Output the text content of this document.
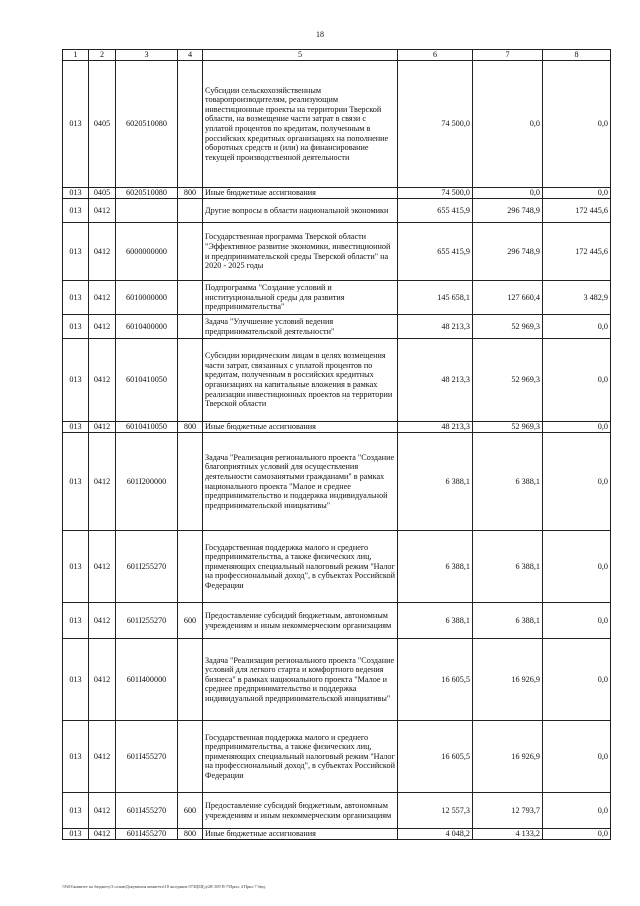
18
1	2	3	4	5	6	7	8
013	0405	6020510080		Субсидии сельскохозяйственным товаропроизводителям, реализующим инвестиционные проекты на территории Тверской области, на возмещение части затрат в связи с уплатой процентов по кредитам, полученным в российских кредитных организациях на пополнение оборотных средств и (или) на финансирование текущей производственной деятельности	74 500,0	0,0	0,0
013	0405	6020510080	800	Иные бюджетные ассигнования	74 500,0	0,0	0,0
013	0412			Другие вопросы в области национальной экономики	655 415,9	296 748,9	172 445,6
013	0412	6000000000		Государственная программа Тверской области "Эффективное развитие экономики, инвестиционной и предпринимательской среды Тверской области" на 2020 - 2025 годы	655 415,9	296 748,9	172 445,6
013	0412	6010000000		Подпрограмма "Создание условий и институциональной среды для развития предпринимательства"	145 658,1	127 660,4	3 482,9
013	0412	6010400000		Задача "Улучшение условий ведения предпринимательской деятельности"	48 213,3	52 969,3	0,0
013	0412	6010410050		Субсидии юридическим лицам в целях возмещения части затрат, связанных с уплатой процентов по кредитам, полученным в российских кредитных организациях на капитальные вложения в рамках реализации инвестиционных проектов на территории Тверской области	48 213,3	52 969,3	0,0
013	0412	6010410050	800	Иные бюджетные ассигнования	48 213,3	52 969,3	0,0
013	0412	601I200000		Задача "Реализация регионального проекта "Создание благоприятных условий для осуществления деятельности самозанятыми гражданами" в рамках национального проекта "Малое и среднее предпринимательство и поддержка индивидуальной предпринимательской инициативы"	6 388,1	6 388,1	0,0
013	0412	601I255270		Государственная поддержка малого и среднего предпринимательства, а также физических лиц, применяющих специальный налоговый режим "Налог на профессиональный доход", в субъектах Российской Федерации	6 388,1	6 388,1	0,0
013	0412	601I255270	600	Предоставление субсидий бюджетным, автономным учреждениям и иным некоммерческим организациям	6 388,1	6 388,1	0,0
013	0412	601I400000		Задача "Реализация регионального проекта "Создание условий для легкого старта и комфортного ведения бизнеса" в рамках национального проекта "Малое и среднее предпринимательство и поддержка индивидуальной предпринимательской инициативы"	16 605,5	16 926,9	0,0
013	0412	601I455270		Государственная поддержка малого и среднего предпринимательства, а также физических лиц, применяющих специальный налоговый режим "Налог на профессиональный доход", в субъектах Российской Федерации	16 605,5	16 926,9	0,0
013	0412	601I455270	600	Предоставление субсидий бюджетным, автономным учреждениям и иным некоммерческим организациям	12 557,3	12 793,7	0,0
013	0412	601I455270	800	Иные бюджетные ассигнования	4 048,2	4 133,2	0,0
\\Fs03\комитет по бюджету\3 созыв\Документы комитета\18 заседание 07\Щ\Щ\д\28\ 509 П-7\Прил. 4 Прил 7 бюд.
